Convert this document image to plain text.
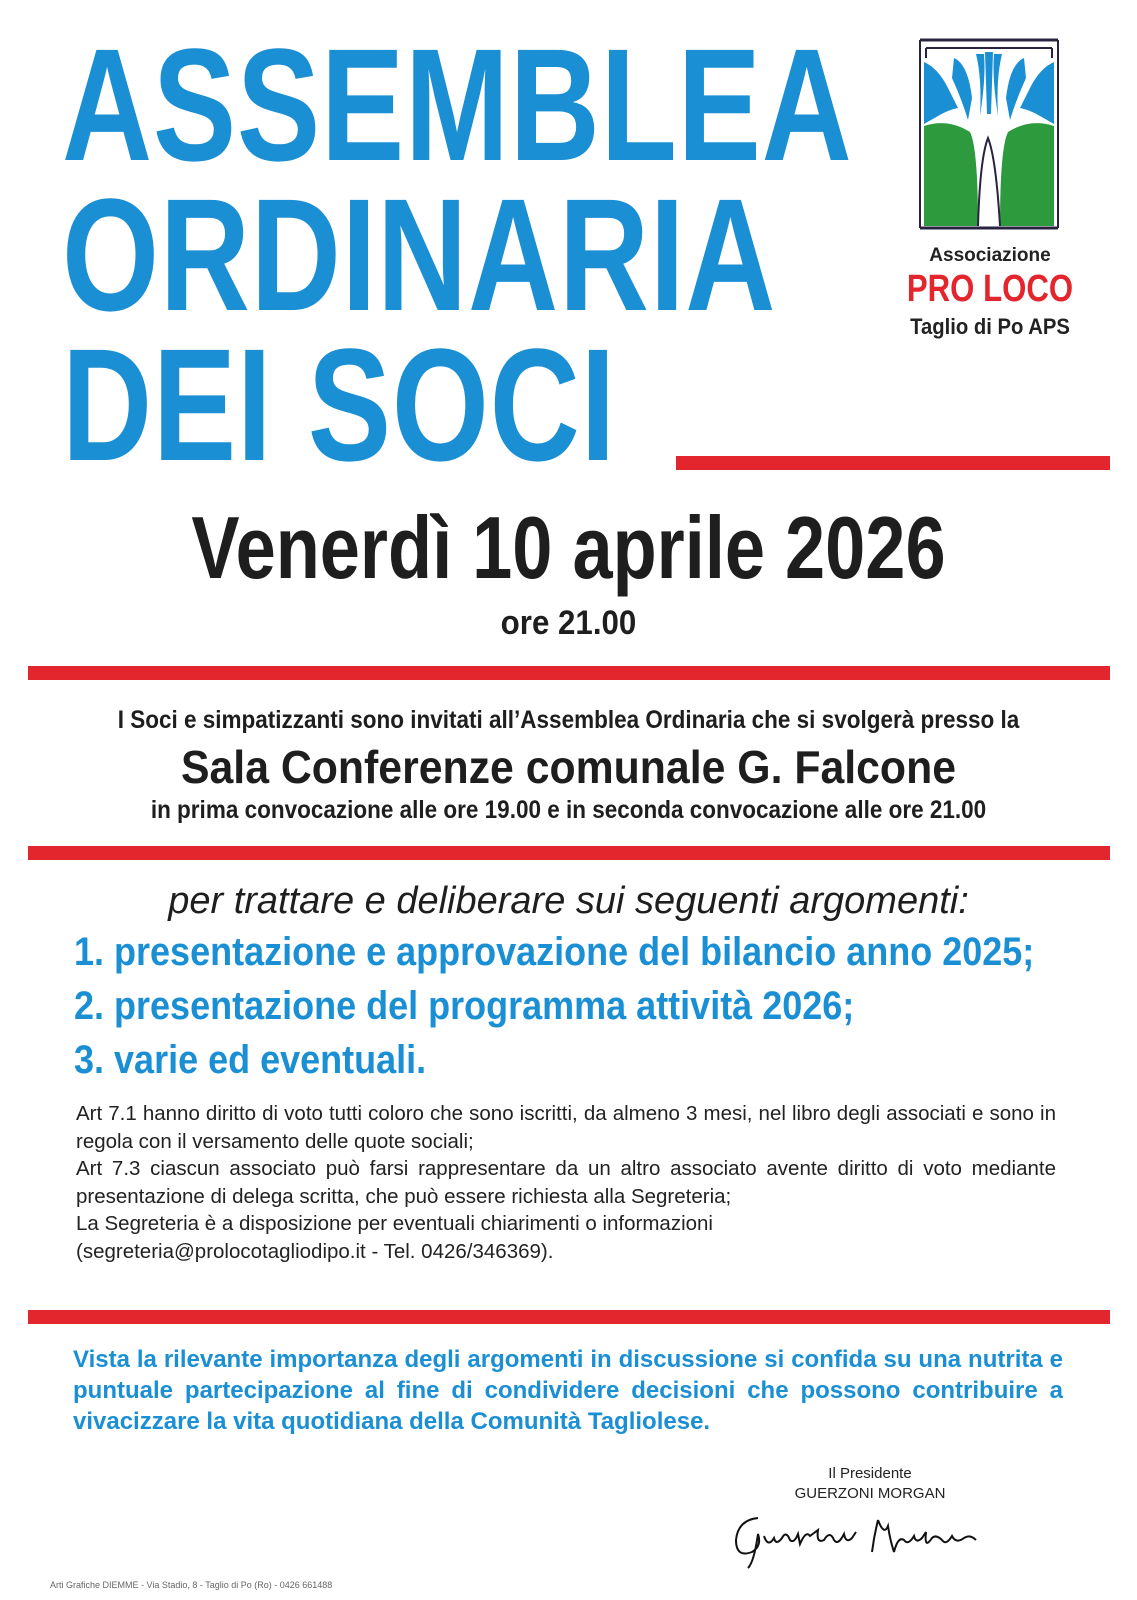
ASSEMBLEA
ORDINARIA
DEI SOCI
Associazione
PRO LOCO
Taglio di Po APS
Venerdì 10 aprile 2026
ore 21.00
I Soci e simpatizzanti sono invitati all’Assemblea Ordinaria che si svolgerà presso la
Sala Conferenze comunale G. Falcone
in prima convocazione alle ore 19.00 e in seconda convocazione alle ore 21.00
per trattare e deliberare sui seguenti argomenti:
1. presentazione e approvazione del bilancio anno 2025;
2. presentazione del programma attività 2026;
3. varie ed eventuali.

Art 7.1 hanno diritto di voto tutti coloro che sono iscritti, da almeno 3 mesi, nel libro degli associati e sono in regola con il versamento delle quote sociali;

Art 7.3 ciascun associato può farsi rappresentare da un altro associato avente diritto di voto mediante presentazione di delega scritta, che può essere richiesta alla Segreteria;

La Segreteria è a disposizione per eventuali chiarimenti o informazioni

(segreteria@prolocotagliodipo.it - Tel. 0426/346369).

Vista la rilevante importanza degli argomenti in discussione si confida su una nutrita e puntuale partecipazione al fine di condividere decisioni che possono contribuire a vivacizzare la vita quotidiana della Comunità Tagliolese.

Il Presidente
GUERZONI MORGAN
Arti Grafiche DIEMME - Via Stadio, 8 - Taglio di Po (Ro) - 0426 661488
